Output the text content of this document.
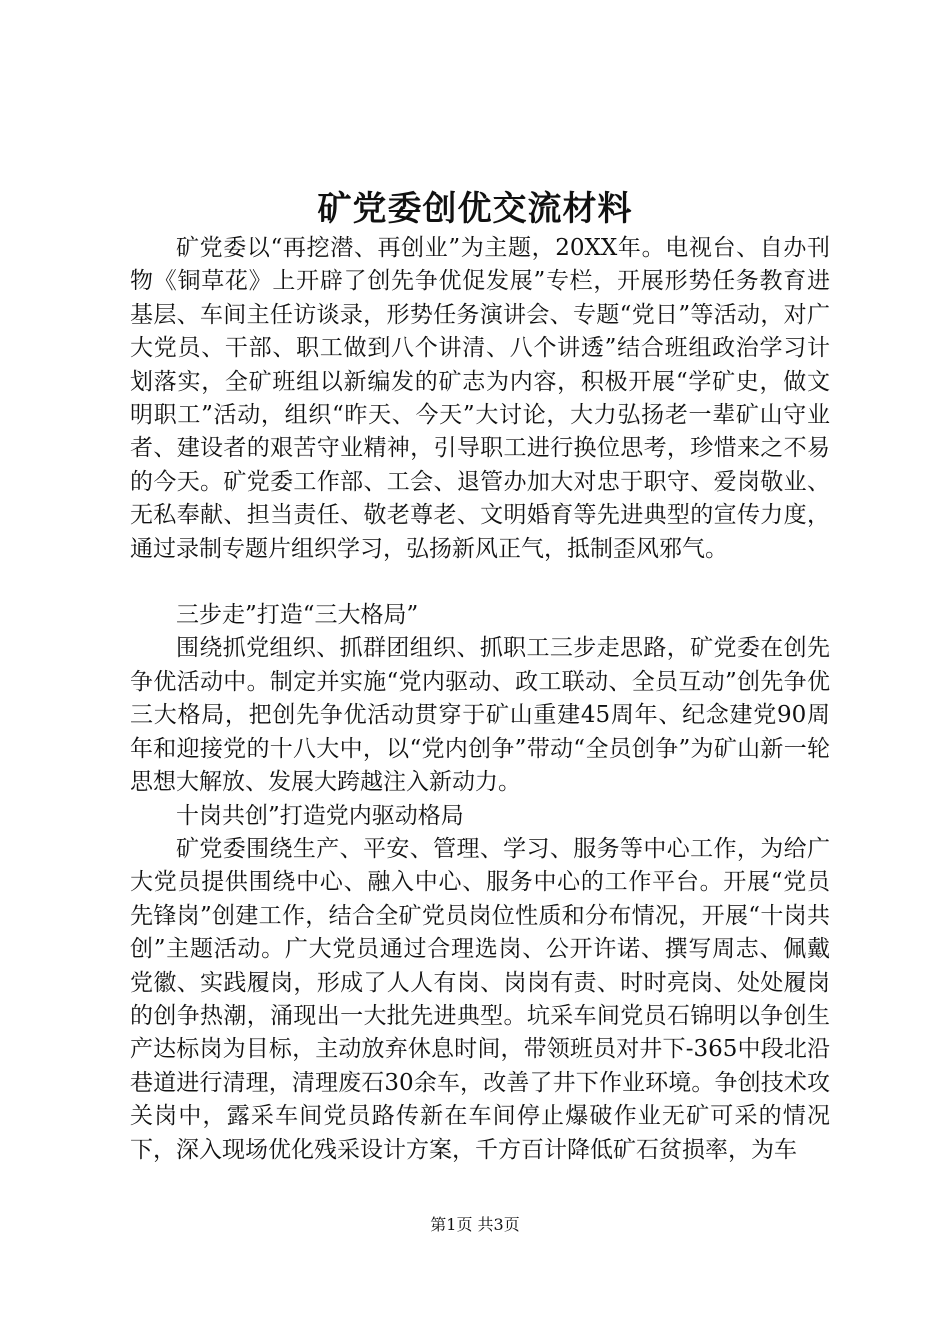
矿党委创优交流材料

矿党委以“再挖潜、再创业”为主题，20XX年。电视台、自办刊物《铜草花》上开辟了创先争优促发展”专栏，开展形势任务教育进基层、车间主任访谈录，形势任务演讲会、专题“党日”等活动，对广大党员、干部、职工做到八个讲清、八个讲透”结合班组政治学习计划落实，全矿班组以新编发的矿志为内容，积极开展“学矿史，做文明职工”活动，组织“昨天、今天”大讨论，大力弘扬老一辈矿山守业者、建设者的艰苦守业精神，引导职工进行换位思考，珍惜来之不易的今天。矿党委工作部、工会、退管办加大对忠于职守、爱岗敬业、无私奉献、担当责任、敬老尊老、文明婚育等先进典型的宣传力度，通过录制专题片组织学习，弘扬新风正气，抵制歪风邪气。

三步走”打造“三大格局”

围绕抓党组织、抓群团组织、抓职工三步走思路，矿党委在创先争优活动中。制定并实施“党内驱动、政工联动、全员互动”创先争优三大格局，把创先争优活动贯穿于矿山重建45周年、纪念建党90周年和迎接党的十八大中，以“党内创争”带动“全员创争”为矿山新一轮思想大解放、发展大跨越注入新动力。

十岗共创”打造党内驱动格局

矿党委围绕生产、平安、管理、学习、服务等中心工作，为给广大党员提供围绕中心、融入中心、服务中心的工作平台。开展“党员先锋岗”创建工作，结合全矿党员岗位性质和分布情况，开展“十岗共创”主题活动。广大党员通过合理选岗、公开许诺、撰写周志、佩戴党徽、实践履岗，形成了人人有岗、岗岗有责、时时亮岗、处处履岗的创争热潮，涌现出一大批先进典型。坑采车间党员石锦明以争创生产达标岗为目标，主动放弃休息时间，带领班员对井下-365中段北沿巷道进行清理，清理废石30余车，改善了井下作业环境。争创技术攻关岗中，露采车间党员路传新在车间停止爆破作业无矿可采的情况下，深入现场优化残采设计方案，千方百计降低矿石贫损率，为车

第1页 共3页
